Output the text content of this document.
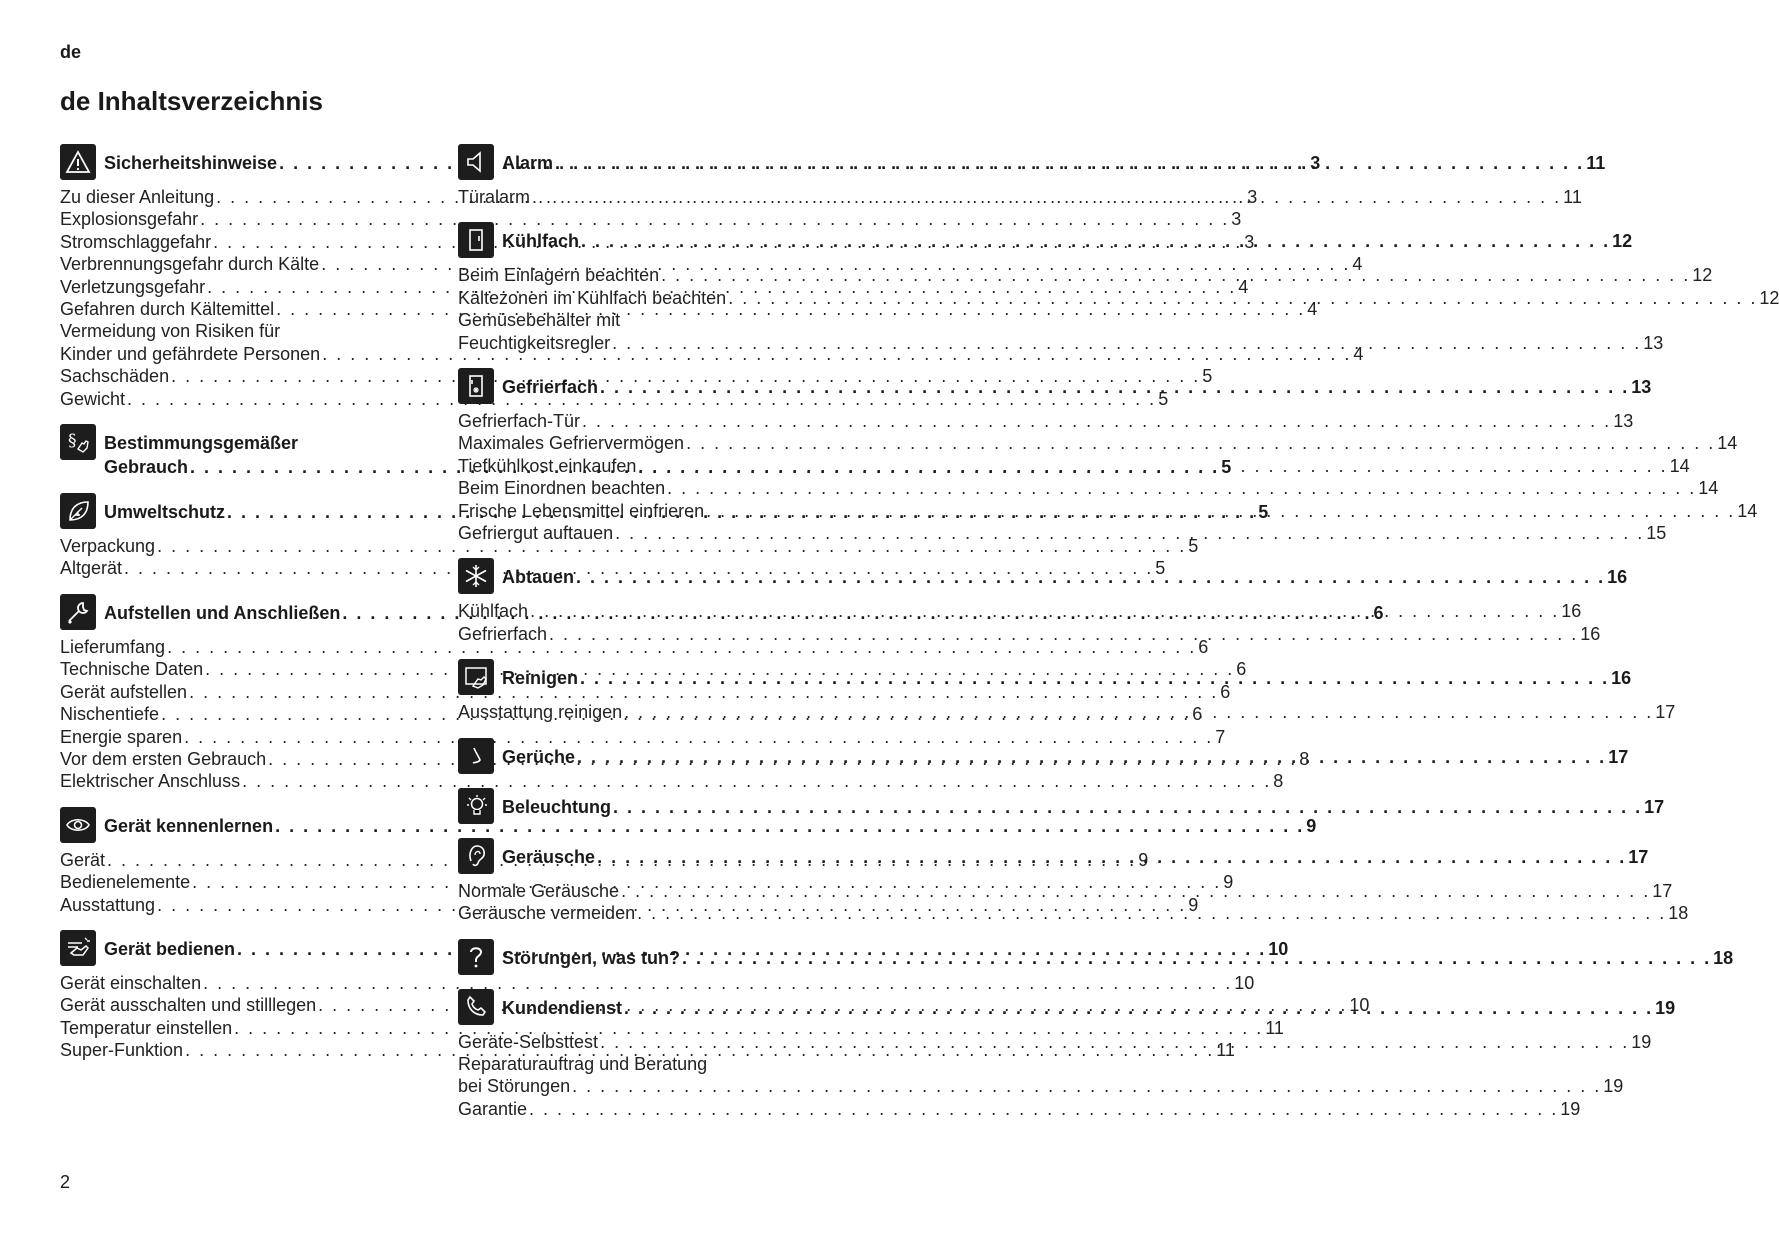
de
de Inhaltsverzeichnis
Sicherheitshinweise . . .	3
Zu dieser Anleitung . . .	3
Explosionsgefahr . . .	3
Stromschlaggefahr . . .	3
Verbrennungsgefahr durch Kälte . . .	4
Verletzungsgefahr . . .	4
Gefahren durch Kältemittel . . .	4
Vermeidung von Risiken für
Kinder und gefährdete Personen . . .	4
Sachschäden . . .	5
Gewicht . . .	5
§ Bestimmungsgemäßer
Gebrauch . . .	5
Umweltschutz . . .	5
Verpackung . . .	5
Altgerät . . .	5
Aufstellen und Anschließen . . .	6
Lieferumfang . . .	6
Technische Daten . . .	6
Gerät aufstellen . . .	6
Nischentiefe . . .	6
Energie sparen . . .	7
Vor dem ersten Gebrauch . . .	8
Elektrischer Anschluss . . .	8
Gerät kennenlernen . . .	9
Gerät . . .	9
Bedienelemente . . .	9
Ausstattung . . .	9
Gerät bedienen . . .	10
Gerät einschalten . . .	10
Gerät ausschalten und stilllegen . . .	10
Temperatur einstellen . . .	11
Super-Funktion . . .	11
Alarm . . .	11
Türalarm . . .	11
Kühlfach . . .	12
Beim Einlagern beachten . . .	12
Kältezonen im Kühlfach beachten . . .	12
Gemüsebehälter mit
Feuchtigkeitsregler . . .	13
Gefrierfach . . .	13
Gefrierfach-Tür . . .	13
Maximales Gefriervermögen . . .	14
Tiefkühlkost einkaufen . . .	14
Beim Einordnen beachten . . .	14
Frische Lebensmittel einfrieren . . .	14
Gefriergut auftauen . . .	15
Abtauen . . .	16
Kühlfach . . .	16
Gefrierfach . . .	16
Reinigen . . .	16
Ausstattung reinigen . . .	17
Gerüche . . .	17
Beleuchtung . . .	17
Geräusche . . .	17
Normale Geräusche . . .	17
Geräusche vermeiden . . .	18
Störungen, was tun? . . .	18
Kundendienst . . .	19
Geräte-Selbsttest . . .	19
Reparaturauftrag und Beratung
bei Störungen . . .	19
Garantie . . .	19
2
